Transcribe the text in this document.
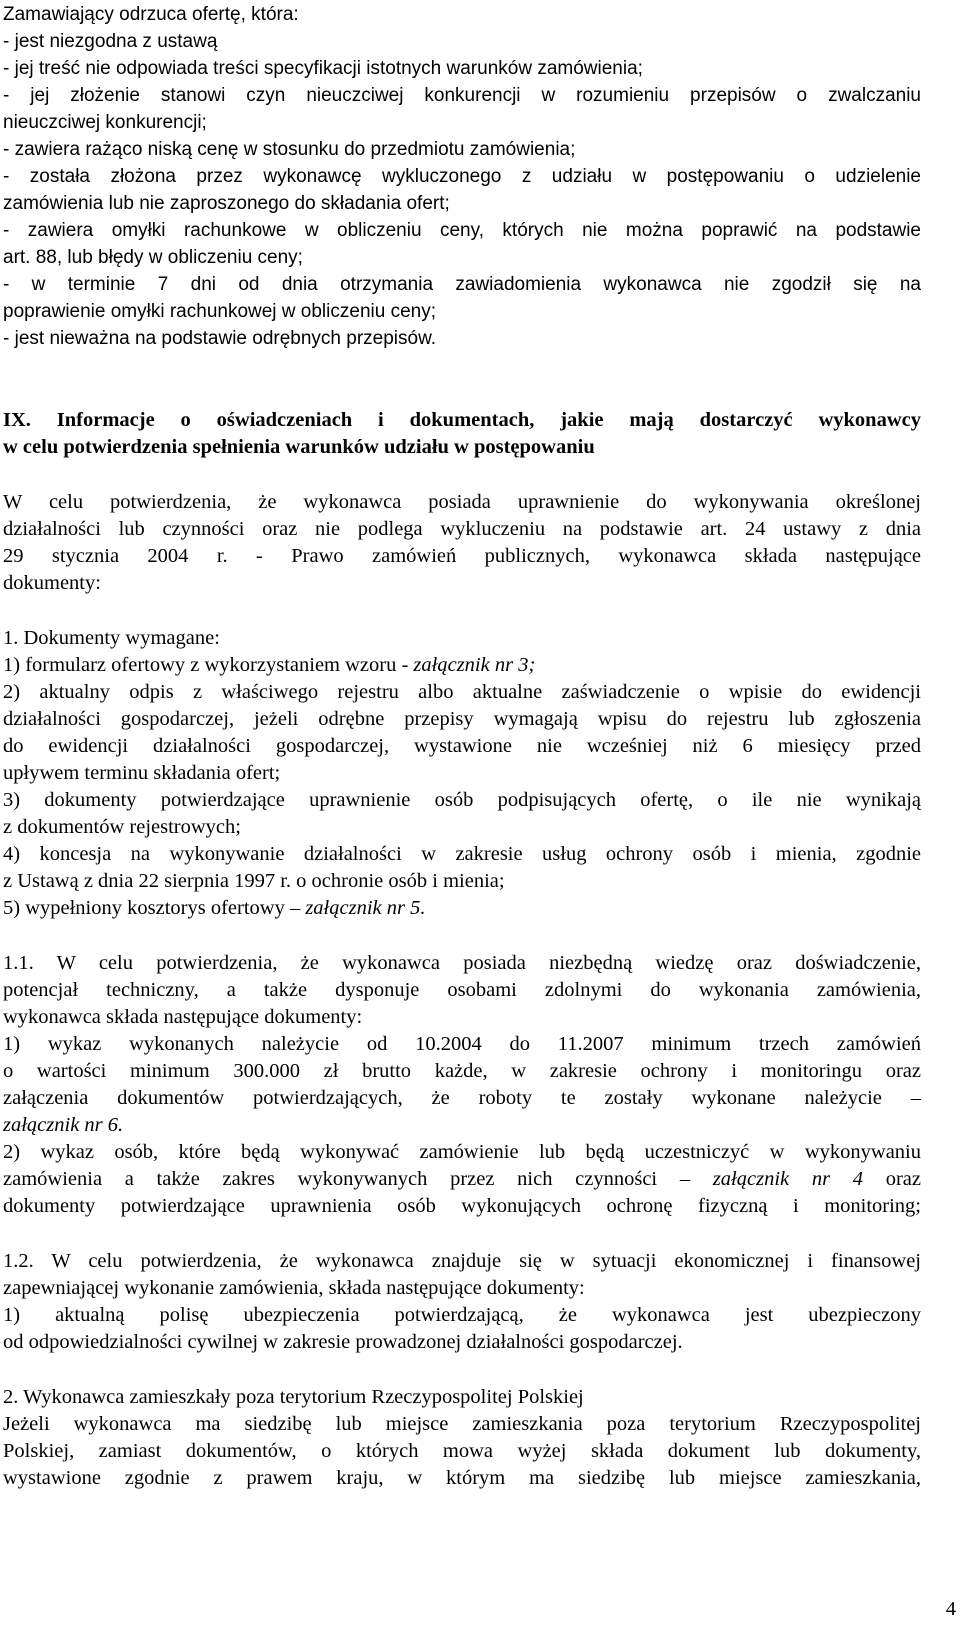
Zamawiający odrzuca ofertę, która:
- jest niezgodna z ustawą
- jej treść nie odpowiada treści specyfikacji istotnych warunków zamówienia;
- jej złożenie stanowi czyn nieuczciwej konkurencji w rozumieniu przepisów o zwalczaniu
nieuczciwej konkurencji;
- zawiera rażąco niską cenę w stosunku do przedmiotu zamówienia;
- została złożona przez wykonawcę wykluczonego z udziału w postępowaniu o udzielenie
zamówienia lub nie zaproszonego do składania ofert;
- zawiera omyłki rachunkowe w obliczeniu ceny, których nie można poprawić na podstawie
art. 88, lub błędy w obliczeniu ceny;
- w terminie 7 dni od dnia otrzymania zawiadomienia wykonawca nie zgodził się na
poprawienie omyłki rachunkowej w obliczeniu ceny;
- jest nieważna na podstawie odrębnych przepisów.
IX. Informacje o oświadczeniach i dokumentach, jakie mają dostarczyć wykonawcy
w celu potwierdzenia spełnienia warunków udziału w postępowaniu
W celu potwierdzenia, że wykonawca posiada uprawnienie do wykonywania określonej
działalności lub czynności oraz nie podlega wykluczeniu na podstawie art. 24 ustawy z dnia
29 stycznia 2004 r. - Prawo zamówień publicznych, wykonawca składa następujące
dokumenty:
1. Dokumenty wymagane:
1) formularz ofertowy z wykorzystaniem wzoru - załącznik nr 3;
2) aktualny odpis z właściwego rejestru albo aktualne zaświadczenie o wpisie do ewidencji
działalności gospodarczej, jeżeli odrębne przepisy wymagają wpisu do rejestru lub zgłoszenia
do ewidencji działalności gospodarczej, wystawione nie wcześniej niż 6 miesięcy przed
upływem terminu składania ofert;
3) dokumenty potwierdzające uprawnienie osób podpisujących ofertę, o ile nie wynikają
z dokumentów rejestrowych;
4) koncesja na wykonywanie działalności w zakresie usług ochrony osób i mienia, zgodnie
z Ustawą z dnia 22 sierpnia 1997 r. o ochronie osób i mienia;
5) wypełniony kosztorys ofertowy – załącznik nr 5.
1.1. W celu potwierdzenia, że wykonawca posiada niezbędną wiedzę oraz doświadczenie,
potencjał techniczny, a także dysponuje osobami zdolnymi do wykonania zamówienia,
wykonawca składa następujące dokumenty:
1) wykaz wykonanych należycie od 10.2004 do 11.2007 minimum trzech zamówień
o wartości minimum 300.000 zł brutto każde, w zakresie ochrony i monitoringu oraz
załączenia dokumentów potwierdzających, że roboty te zostały wykonane należycie –
załącznik nr 6.
2) wykaz osób, które będą wykonywać zamówienie lub będą uczestniczyć w wykonywaniu
zamówienia a także zakres wykonywanych przez nich czynności – załącznik nr 4 oraz
dokumenty potwierdzające uprawnienia osób wykonujących ochronę fizyczną i monitoring;
1.2. W celu potwierdzenia, że wykonawca znajduje się w sytuacji ekonomicznej i finansowej
zapewniającej wykonanie zamówienia, składa następujące dokumenty:
1) aktualną polisę ubezpieczenia potwierdzającą, że wykonawca jest ubezpieczony
od odpowiedzialności cywilnej w zakresie prowadzonej działalności gospodarczej.
2. Wykonawca zamieszkały poza terytorium Rzeczypospolitej Polskiej
Jeżeli wykonawca ma siedzibę lub miejsce zamieszkania poza terytorium Rzeczypospolitej
Polskiej, zamiast dokumentów, o których mowa wyżej składa dokument lub dokumenty,
wystawione zgodnie z prawem kraju, w którym ma siedzibę lub miejsce zamieszkania,
4
